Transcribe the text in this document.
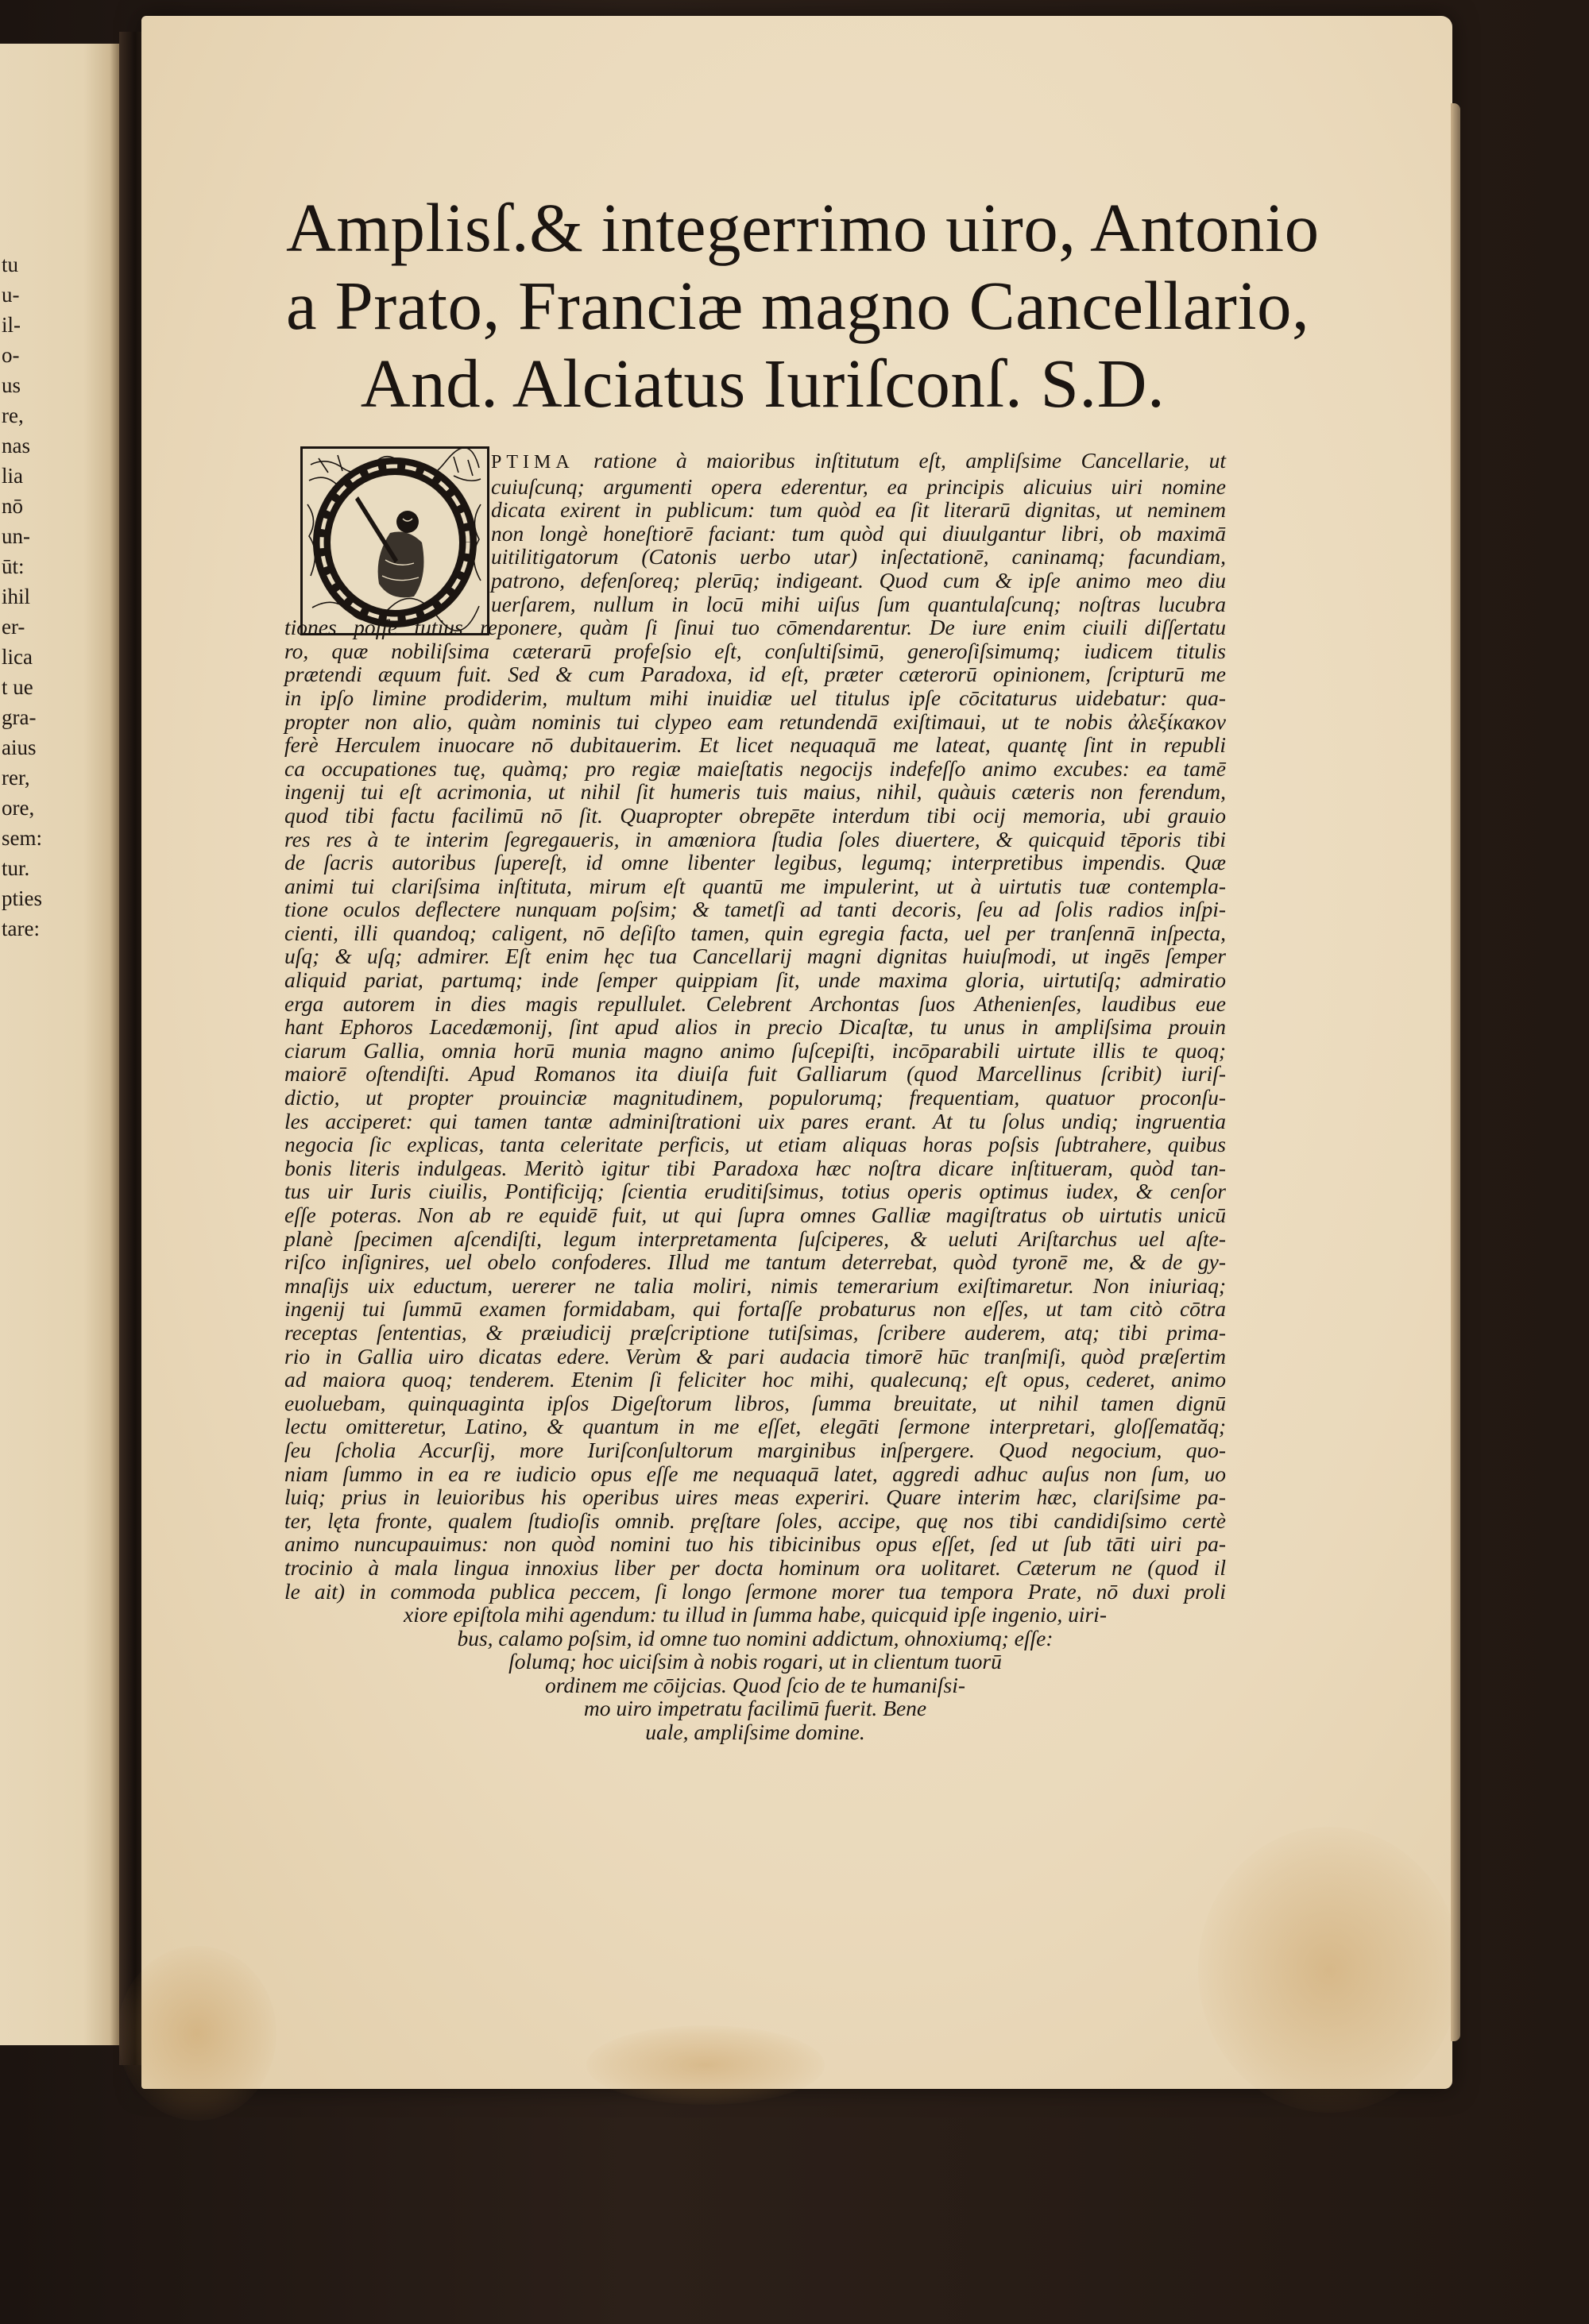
tu
u-
il-
o-
us
re,
nas
lia
nō
un-
ūt:
ihil
er-
lica
t ue
gra-
aius
rer,
ore,
sem:
tur.
pties
tare:
Amplisſ.& integerrimo uiro, Antonio
a Prato, Franciæ magno Cancellario,
And. Alciatus Iuriſconſ. S.D.
PTIMA ratione à maioribus inſtitutum eſt, ampliſsime Cancellarie, ut
cuiuſcunq; argumenti opera ederentur, ea principis alicuius uiri nomine
dicata exirent in publicum: tum quòd ea ſit literarū dignitas, ut neminem
non longè honeſtiorē faciant: tum quòd qui diuulgantur libri, ob maximā
uitilitigatorum (Catonis uerbo utar) inſectationē, caninamq; facundiam,
patrono, defenſoreq; plerūq; indigeant. Quod cum & ipſe animo meo diu
uerſarem, nullum in locū mihi uiſus ſum quantulaſcunq; noſtras lucubra
tiones poſſe tutius reponere, quàm ſi ſinui tuo cōmendarentur. De iure enim ciuili diſſertatu
ro, quæ nobiliſsima cæterarū profeſsio eſt, conſultiſsimū, generoſiſsimumq; iudicem titulis
prætendi æquum fuit. Sed & cum Paradoxa, id eſt, præter cæterorū opinionem, ſcripturū me
in ipſo limine prodiderim, multum mihi inuidiæ uel titulus ipſe cōcitaturus uidebatur: qua-
propter non alio, quàm nominis tui clypeo eam retundendā exiſtimaui, ut te nobis ἀλεξίκακον
ferè Herculem inuocare nō dubitauerim. Et licet nequaquā me lateat, quantę ſint in republi
ca occupationes tuę, quàmq; pro regiæ maieſtatis negocijs indefeſſo animo excubes: ea tamē
ingenij tui eſt acrimonia, ut nihil ſit humeris tuis maius, nihil, quàuis cæteris non ferendum,
quod tibi factu facilimū nō ſit. Quapropter obrepēte interdum tibi ocij memoria, ubi grauio
res res à te interim ſegregaueris, in amœniora ſtudia ſoles diuertere, & quicquid tēporis tibi
de ſacris autoribus ſupereſt, id omne libenter legibus, legumq; interpretibus impendis. Quæ
animi tui clariſsima inſtituta, mirum eſt quantū me impulerint, ut à uirtutis tuæ contempla-
tione oculos deflectere nunquam poſsim; & tametſi ad tanti decoris, ſeu ad ſolis radios inſpi-
cienti, illi quandoq; caligent, nō deſiſto tamen, quin egregia facta, uel per tranſennā inſpecta,
uſq; & uſq; admirer. Eſt enim hęc tua Cancellarij magni dignitas huiuſmodi, ut ingēs ſemper
aliquid pariat, partumq; inde ſemper quippiam ſit, unde maxima gloria, uirtutiſq; admiratio
erga autorem in dies magis repullulet. Celebrent Archontas ſuos Athenienſes, laudibus eue
hant Ephoros Lacedæmonij, ſint apud alios in precio Dicaſtæ, tu unus in ampliſsima prouin
ciarum Gallia, omnia horū munia magno animo ſuſcepiſti, incōparabili uirtute illis te quoq;
maiorē oſtendiſti. Apud Romanos ita diuiſa fuit Galliarum (quod Marcellinus ſcribit) iuriſ-
dictio, ut propter prouinciæ magnitudinem, populorumq; frequentiam, quatuor proconſu-
les acciperet: qui tamen tantæ adminiſtrationi uix pares erant. At tu ſolus undiq; ingruentia
negocia ſic explicas, tanta celeritate perficis, ut etiam aliquas horas poſsis ſubtrahere, quibus
bonis literis indulgeas. Meritò igitur tibi Paradoxa hæc noſtra dicare inſtitueram, quòd tan-
tus uir Iuris ciuilis, Pontificijq; ſcientia eruditiſsimus, totius operis optimus iudex, & cenſor
eſſe poteras. Non ab re equidē fuit, ut qui ſupra omnes Galliæ magiſtratus ob uirtutis unicū
planè ſpecimen aſcendiſti, legum interpretamenta ſuſciperes, & ueluti Ariſtarchus uel aſte-
riſco inſignires, uel obelo confoderes. Illud me tantum deterrebat, quòd tyronē me, & de gy-
mnaſijs uix eductum, uererer ne talia moliri, nimis temerarium exiſtimaretur. Non iniuriaq;
ingenij tui ſummū examen formidabam, qui fortaſſe probaturus non eſſes, ut tam citò cōtra
receptas ſententias, & præiudicij præſcriptione tutiſsimas, ſcribere auderem, atq; tibi prima-
rio in Gallia uiro dicatas edere. Verùm & pari audacia timorē hūc tranſmiſi, quòd præſertim
ad maiora quoq; tenderem. Etenim ſi feliciter hoc mihi, qualecunq; eſt opus, cederet, animo
euoluebam, quinquaginta ipſos Digeſtorum libros, ſumma breuitate, ut nihil tamen dignū
lectu omitteretur, Latino, & quantum in me eſſet, elegāti ſermone interpretari, gloſſematăq;
ſeu ſcholia Accurſij, more Iuriſconſultorum marginibus inſpergere. Quod negocium, quo-
niam ſummo in ea re iudicio opus eſſe me nequaquā latet, aggredi adhuc auſus non ſum, uo
luiq; prius in leuioribus his operibus uires meas experiri. Quare interim hæc, clariſsime pa-
ter, lęta fronte, qualem ſtudioſis omnib. pręſtare ſoles, accipe, quę nos tibi candidiſsimo certè
animo nuncupauimus: non quòd nomini tuo his tibicinibus opus eſſet, ſed ut ſub tāti uiri pa-
trocinio à mala lingua innoxius liber per docta hominum ora uolitaret. Cæterum ne (quod il
le ait) in commoda publica peccem, ſi longo ſermone morer tua tempora Prate, nō duxi proli
xiore epiſtola mihi agendum: tu illud in ſumma habe, quicquid ipſe ingenio, uiri-
bus, calamo poſsim, id omne tuo nomini addictum, ohnoxiumq; eſſe:
ſolumq; hoc uiciſsim à nobis rogari, ut in clientum tuorū
ordinem me cōijcias. Quod ſcio de te humaniſsi-
mo uiro impetratu facilimū fuerit. Bene
uale, ampliſsime domine.
